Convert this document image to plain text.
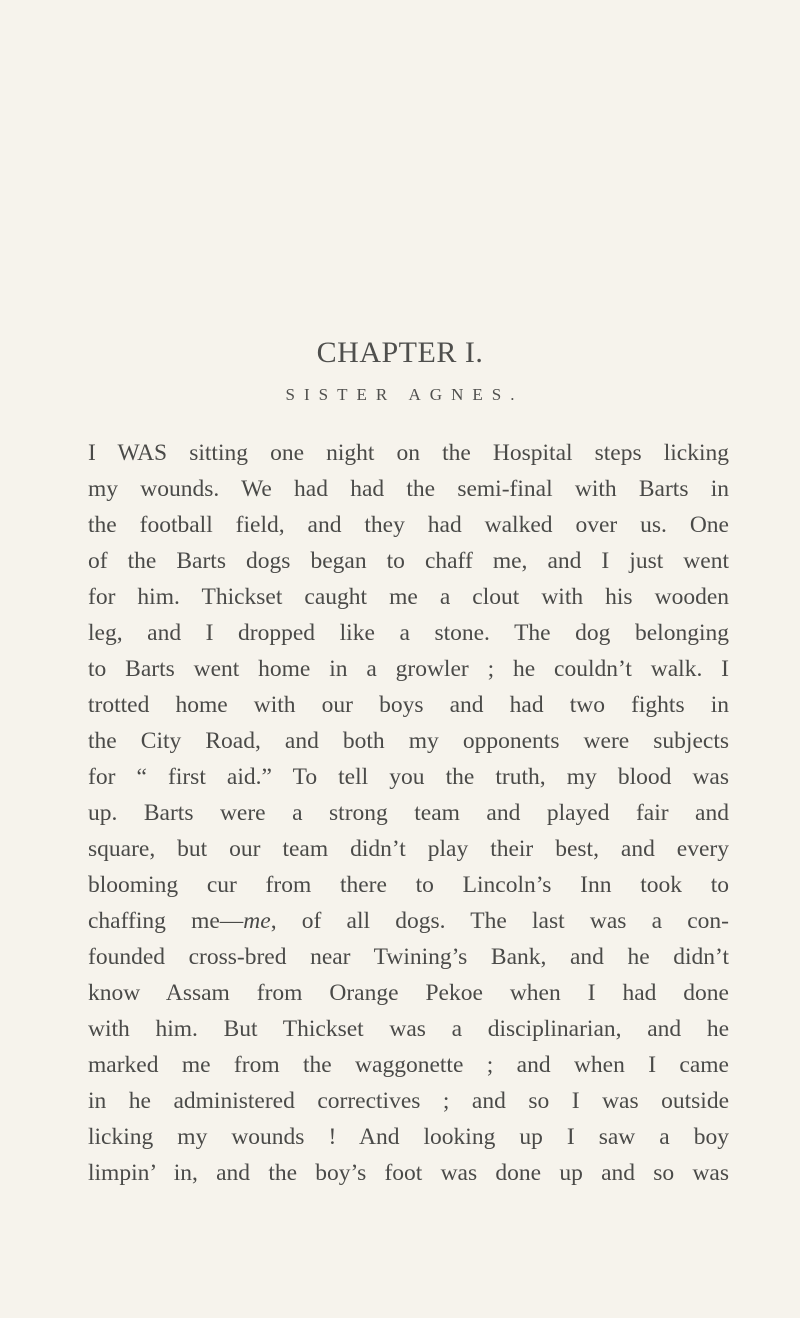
CHAPTER I.
SISTER AGNES.
I WAS sitting one night on the Hospital steps licking
my wounds. We had had the semi-final with Barts in
the football field, and they had walked over us. One
of the Barts dogs began to chaff me, and I just went
for him. Thickset caught me a clout with his wooden
leg, and I dropped like a stone. The dog belonging
to Barts went home in a growler ; he couldn’t walk. I
trotted home with our boys and had two fights in
the City Road, and both my opponents were subjects
for “ first aid.” To tell you the truth, my blood was
up. Barts were a strong team and played fair and
square, but our team didn’t play their best, and every
blooming cur from there to Lincoln’s Inn took to
chaffing me—me, of all dogs. The last was a con-
founded cross-bred near Twining’s Bank, and he didn’t
know Assam from Orange Pekoe when I had done
with him. But Thickset was a disciplinarian, and he
marked me from the waggonette ; and when I came
in he administered correctives ; and so I was outside
licking my wounds ! And looking up I saw a boy
limpin’ in, and the boy’s foot was done up and so was
